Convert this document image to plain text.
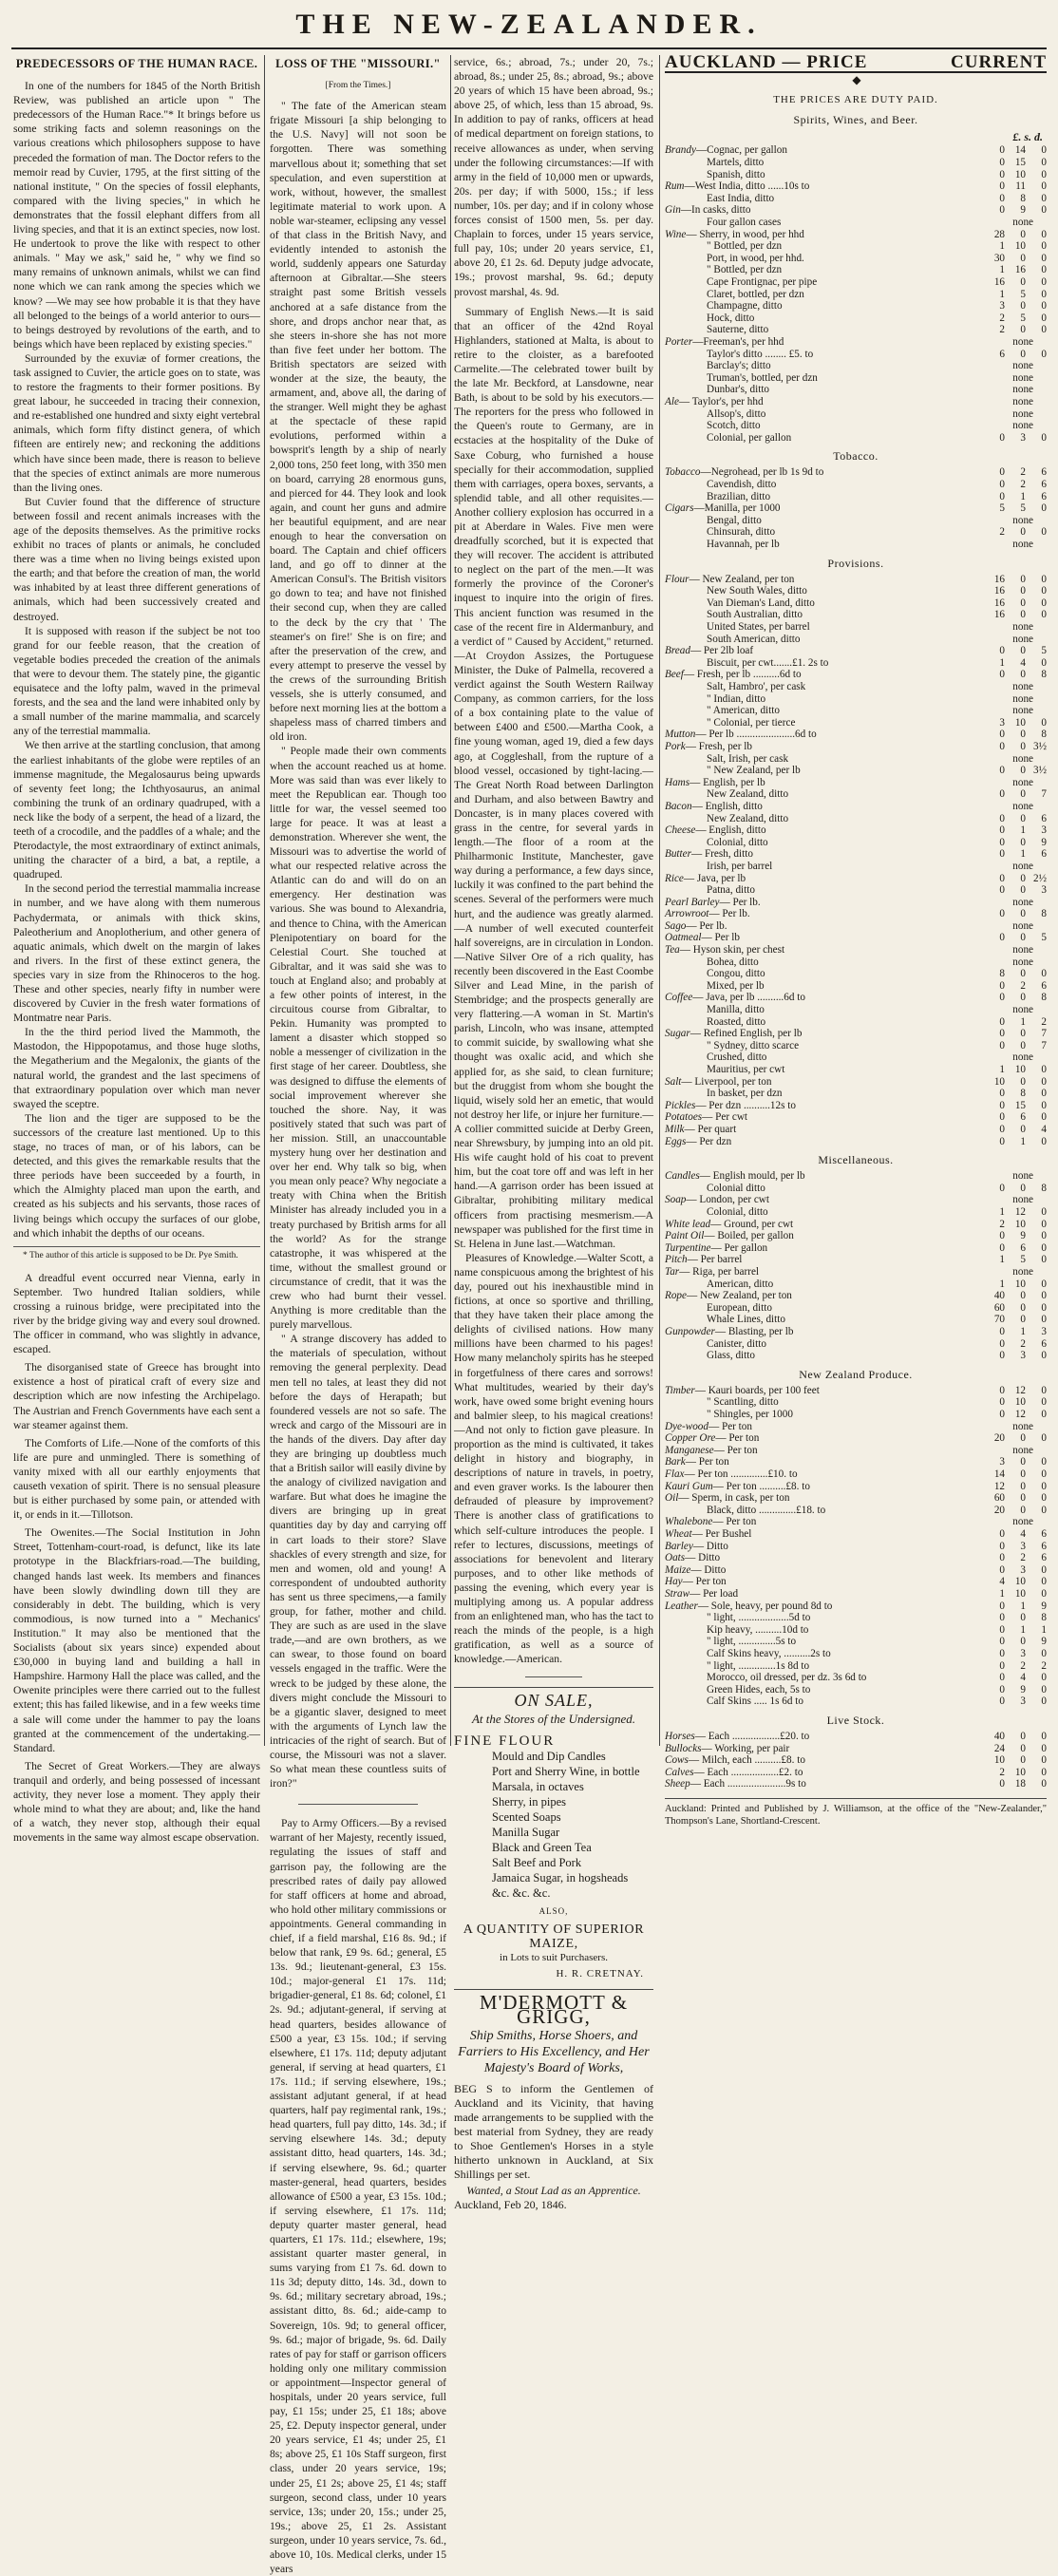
THE NEW-ZEALANDER.
PREDECESSORS OF THE HUMAN RACE.

In one of the numbers for 1845 of the North British Review, was published an article upon " The predecessors of the Human Race."* It brings before us some striking facts and solemn reasonings on the various creations which philosophers suppose to have preceded the formation of man. The Doctor refers to the memoir read by Cuvier, 1795, at the first sitting of the national institute, " On the species of fossil elephants, compared with the living species," in which he demonstrates that the fossil elephant differs from all living species, and that it is an extinct species, now lost. He undertook to prove the like with respect to other animals. " May we ask," said he, " why we find so many remains of unknown animals, whilst we can find none which we can rank among the species which we know? —We may see how probable it is that they have all belonged to the beings of a world anterior to ours—to beings destroyed by revolutions of the earth, and to beings which have been replaced by existing species."

Surrounded by the exuviæ of former creations, the task assigned to Cuvier, the article goes on to state, was to restore the fragments to their former positions. By great labour, he succeeded in tracing their connexion, and re-established one hundred and sixty eight vertebral animals, which form fifty distinct genera, of which fifteen are entirely new; and reckoning the additions which have since been made, there is reason to believe that the species of extinct animals are more numerous than the living ones.

But Cuvier found that the difference of structure between fossil and recent animals increases with the age of the deposits themselves. As the primitive rocks exhibit no traces of plants or animals, he concluded there was a time when no living beings existed upon the earth; and that before the creation of man, the world was inhabited by at least three different generations of animals, which had been successively created and destroyed.

It is supposed with reason if the subject be not too grand for our feeble reason, that the creation of vegetable bodies preceded the creation of the animals that were to devour them. The stately pine, the gigantic equisatece and the lofty palm, waved in the primeval forests, and the sea and the land were inhabited only by a small number of the marine mammalia, and scarcely any of the terrestial mammalia.

We then arrive at the startling conclusion, that among the earliest inhabitants of the globe were reptiles of an immense magnitude, the Megalosaurus being upwards of seventy feet long; the Ichthyosaurus, an animal combining the trunk of an ordinary quadruped, with a neck like the body of a serpent, the head of a lizard, the teeth of a crocodile, and the paddles of a whale; and the Pterodactyle, the most extraordinary of extinct animals, uniting the character of a bird, a bat, a reptile, a quadruped.

In the second period the terrestial mammalia increase in number, and we have along with them numerous Pachydermata, or animals with thick skins, Paleotherium and Anoplotherium, and other genera of aquatic animals, which dwelt on the margin of lakes and rivers. In the first of these extinct genera, the species vary in size from the Rhinoceros to the hog. These and other species, nearly fifty in number were discovered by Cuvier in the fresh water formations of Montmatre near Paris.

In the the third period lived the Mammoth, the Mastodon, the Hippopotamus, and those huge sloths, the Megatherium and the Megalonix, the giants of the natural world, the grandest and the last specimens of that extraordinary population over which man never swayed the sceptre.

The lion and the tiger are supposed to be the successors of the creature last mentioned. Up to this stage, no traces of man, or of his labors, can be detected, and this gives the remarkable results that the three periods have been succeeded by a fourth, in which the Almighty placed man upon the earth, and created as his subjects and his servants, those races of living beings which occupy the surfaces of our globe, and which inhabit the depths of our oceans.

* The author of this article is supposed to be Dr. Pye Smith.

A dreadful event occurred near Vienna, early in September. Two hundred Italian soldiers, while crossing a ruinous bridge, were precipitated into the river by the bridge giving way and every soul drowned. The officer in command, who was slightly in advance, escaped.

The disorganised state of Greece has brought into existence a host of piratical craft of every size and description which are now infesting the Archipelago. The Austrian and French Governments have each sent a war steamer against them.

The Comforts of Life.—None of the comforts of this life are pure and unmingled. There is something of vanity mixed with all our earthly enjoyments that causeth vexation of spirit. There is no sensual pleasure but is either purchased by some pain, or attended with it, or ends in it.—Tillotson.

The Owenites.—The Social Institution in John Street, Tottenham-court-road, is defunct, like its late prototype in the Blackfriars-road.—The building, changed hands last week. Its members and finances have been slowly dwindling down till they are considerably in debt. The building, which is very commodious, is now turned into a " Mechanics' Institution." It may also be mentioned that the Socialists (about six years since) expended about £30,000 in buying land and building a hall in Hampshire. Harmony Hall the place was called, and the Owenite principles were there carried out to the fullest extent; this has failed likewise, and in a few weeks time a sale will come under the hammer to pay the loans granted at the commencement of the undertaking.—Standard.

The Secret of Great Workers.—They are always tranquil and orderly, and being possessed of incessant activity, they never lose a moment. They apply their whole mind to what they are about; and, like the hand of a watch, they never stop, although their equal movements in the same way almost escape observation.

LOSS OF THE "MISSOURI."
[From the Times.]

" The fate of the American steam frigate Missouri [a ship belonging to the U.S. Navy] will not soon be forgotten. There was something marvellous about it; something that set speculation, and even superstition at work, without, however, the smallest legitimate material to work upon. A noble war-steamer, eclipsing any vessel of that class in the British Navy, and evidently intended to astonish the world, suddenly appears one Saturday afternoon at Gibraltar.—She steers straight past some British vessels anchored at a safe distance from the shore, and drops anchor near that, as she steers in-shore she has not more than five feet under her bottom. The British spectators are seized with wonder at the size, the beauty, the armament, and, above all, the daring of the stranger. Well might they be aghast at the spectacle of these rapid evolutions, performed within a bowsprit's length by a ship of nearly 2,000 tons, 250 feet long, with 350 men on board, carrying 28 enormous guns, and pierced for 44. They look and look again, and count her guns and admire her beautiful equipment, and are near enough to hear the conversation on board. The Captain and chief officers land, and go off to dinner at the American Consul's. The British visitors go down to tea; and have not finished their second cup, when they are called to the deck by the cry that ' The steamer's on fire!' She is on fire; and after the preservation of the crew, and every attempt to preserve the vessel by the crews of the surrounding British vessels, she is utterly consumed, and before next morning lies at the bottom a shapeless mass of charred timbers and old iron.

" People made their own comments when the account reached us at home. More was said than was ever likely to meet the Republican ear. Though too little for war, the vessel seemed too large for peace. It was at least a demonstration. Wherever she went, the Missouri was to advertise the world of what our respected relative across the Atlantic can do and will do on an emergency. Her destination was various. She was bound to Alexandria, and thence to China, with the American Plenipotentiary on board for the Celestial Court. She touched at Gibraltar, and it was said she was to touch at England also; and probably at a few other points of interest, in the circuitous course from Gibraltar, to Pekin. Humanity was prompted to lament a disaster which stopped so noble a messenger of civilization in the first stage of her career. Doubtless, she was designed to diffuse the elements of social improvement wherever she touched the shore. Nay, it was positively stated that such was part of her mission. Still, an unaccountable mystery hung over her destination and over her end. Why talk so big, when you mean only peace? Why negociate a treaty with China when the British Minister has already included you in a treaty purchased by British arms for all the world? As for the strange catastrophe, it was whispered at the time, without the smallest ground or circumstance of credit, that it was the crew who had burnt their vessel. Anything is more creditable than the purely marvellous.

" A strange discovery has added to the materials of speculation, without removing the general perplexity. Dead men tell no tales, at least they did not before the days of Herapath; but foundered vessels are not so safe. The wreck and cargo of the Missouri are in the hands of the divers. Day after day they are bringing up doubtless much that a British sailor will easily divine by the analogy of civilized navigation and warfare. But what does he imagine the divers are bringing up in great quantities day by day and carrying off in cart loads to their store? Slave shackles of every strength and size, for men and women, old and young! A correspondent of undoubted authority has sent us three specimens,—a family group, for father, mother and child. They are such as are used in the slave trade,—and are own brothers, as we can swear, to those found on board vessels engaged in the traffic. Were the wreck to be judged by these alone, the divers might conclude the Missouri to be a gigantic slaver, designed to meet with the arguments of Lynch law the intricacies of the right of search. But of course, the Missouri was not a slaver. So what mean these countless suits of iron?"

Pay to Army Officers.—By a revised warrant of her Majesty, recently issued, regulating the issues of staff and garrison pay, the following are the prescribed rates of daily pay allowed for staff officers at home and abroad, who hold other military commissions or appointments. General commanding in chief, if a field marshal, £16 8s. 9d.; if below that rank, £9 9s. 6d.; general, £5 13s. 9d.; lieutenant-general, £3 15s. 10d.; major-general £1 17s. 11d; brigadier-general, £1 8s. 6d; colonel, £1 2s. 9d.; adjutant-general, if serving at head quarters, besides allowance of £500 a year, £3 15s. 10d.; if serving elsewhere, £1 17s. 11d; deputy adjutant general, if serving at head quarters, £1 17s. 11d.; if serving elsewhere, 19s.; assistant adjutant general, if at head quarters, half pay regimental rank, 19s.; head quarters, full pay ditto, 14s. 3d.; if serving elsewhere 14s. 3d.; deputy assistant ditto, head quarters, 14s. 3d.; if serving elsewhere, 9s. 6d.; quarter master-general, head quarters, besides allowance of £500 a year, £3 15s. 10d.; if serving elsewhere, £1 17s. 11d; deputy quarter master general, head quarters, £1 17s. 11d.; elsewhere, 19s; assistant quarter master general, in sums varying from £1 7s. 6d. down to 11s 3d; deputy ditto, 14s. 3d., down to 9s. 6d.; military secretary abroad, 19s.; assistant ditto, 8s. 6d.; aide-camp to Sovereign, 10s. 9d; to general officer, 9s. 6d.; major of brigade, 9s. 6d. Daily rates of pay for staff or garrison officers holding only one military commission or appointment—Inspector general of hospitals, under 20 years service, full pay, £1 15s; under 25, £1 18s; above 25, £2. Deputy inspector general, under 20 years service, £1 4s; under 25, £1 8s; above 25, £1 10s Staff surgeon, first class, under 20 years service, 19s; under 25, £1 2s; above 25, £1 4s; staff surgeon, second class, under 10 years service, 13s; under 20, 15s.; under 25, 19s.; above 25, £1 2s. Assistant surgeon, under 10 years service, 7s. 6d., above 10, 10s. Medical clerks, under 15 years

service, 6s.; abroad, 7s.; under 20, 7s.; abroad, 8s.; under 25, 8s.; abroad, 9s.; above 20 years of which 15 have been abroad, 9s.; above 25, of which, less than 15 abroad, 9s. In addition to pay of ranks, officers at head of medical department on foreign stations, to receive allowances as under, when serving under the following circumstances:—If with army in the field of 10,000 men or upwards, 20s. per day; if with 5000, 15s.; if less number, 10s. per day; and if in colony whose forces consist of 1500 men, 5s. per day. Chaplain to forces, under 15 years service, full pay, 10s; under 20 years service, £1, above 20, £1 2s. 6d. Deputy judge advocate, 19s.; provost marshal, 9s. 6d.; deputy provost marshal, 4s. 9d.

Summary of English News.—It is said that an officer of the 42nd Royal Highlanders, stationed at Malta, is about to retire to the cloister, as a barefooted Carmelite.—The celebrated tower built by the late Mr. Beckford, at Lansdowne, near Bath, is about to be sold by his executors.—The reporters for the press who followed in the Queen's route to Germany, are in ecstacies at the hospitality of the Duke of Saxe Coburg, who furnished a house specially for their accommodation, supplied them with carriages, opera boxes, servants, a splendid table, and all other requisites.—Another colliery explosion has occurred in a pit at Aberdare in Wales. Five men were dreadfully scorched, but it is expected that they will recover. The accident is attributed to neglect on the part of the men.—It was formerly the province of the Coroner's inquest to inquire into the origin of fires. This ancient function was resumed in the case of the recent fire in Aldermanbury, and a verdict of " Caused by Accident," returned.—At Croydon Assizes, the Portuguese Minister, the Duke of Palmella, recovered a verdict against the South Western Railway Company, as common carriers, for the loss of a box containing plate to the value of between £400 and £500.—Martha Cook, a fine young woman, aged 19, died a few days ago, at Coggleshall, from the rupture of a blood vessel, occasioned by tight-lacing.—The Great North Road between Darlington and Durham, and also between Bawtry and Doncaster, is in many places covered with grass in the centre, for several yards in length.—The floor of a room at the Philharmonic Institute, Manchester, gave way during a performance, a few days since, luckily it was confined to the part behind the scenes. Several of the performers were much hurt, and the audience was greatly alarmed.—A number of well executed counterfeit half sovereigns, are in circulation in London.—Native Silver Ore of a rich quality, has recently been discovered in the East Coombe Silver and Lead Mine, in the parish of Stembridge; and the prospects generally are very flattering.—A woman in St. Martin's parish, Lincoln, who was insane, attempted to commit suicide, by swallowing what she thought was oxalic acid, and which she applied for, as she said, to clean furniture; but the druggist from whom she bought the liquid, wisely sold her an emetic, that would not destroy her life, or injure her furniture.—A collier committed suicide at Derby Green, near Shrewsbury, by jumping into an old pit. His wife caught hold of his coat to prevent him, but the coat tore off and was left in her hand.—A garrison order has been issued at Gibraltar, prohibiting military medical officers from practising mesmerism.—A newspaper was published for the first time in St. Helena in June last.—Watchman.

Pleasures of Knowledge.—Walter Scott, a name conspicuous among the brightest of his day, poured out his inexhaustible mind in fictions, at once so sportive and thrilling, that they have taken their place among the delights of civilised nations. How many millions have been charmed to his pages! How many melancholy spirits has he steeped in forgetfulness of there cares and sorrows! What multitudes, wearied by their day's work, have owed some bright evening hours and balmier sleep, to his magical creations!—And not only to fiction gave pleasure. In proportion as the mind is cultivated, it takes delight in history and biography, in descriptions of nature in travels, in poetry, and even graver works. Is the labourer then defrauded of pleasure by improvement? There is another class of gratifications to which self-culture introduces the people. I refer to lectures, discussions, meetings of associations for benevolent and literary purposes, and to other like methods of passing the evening, which every year is multiplying among us. A popular address from an enlightened man, who has the tact to reach the minds of the people, is a high gratification, as well as a source of knowledge.—American.

ON SALE,
At the Stores of the Undersigned.
FINE FLOUR
Mould and Dip Candles
Port and Sherry Wine, in bottle
Marsala, in octaves
Sherry, in pipes
Scented Soaps
Manilla Sugar
Black and Green Tea
Salt Beef and Pork
Jamaica Sugar, in hogsheads
&c. &c. &c.
ALSO,
A QUANTITY OF SUPERIOR MAIZE,
in Lots to suit Purchasers.
H. R. CRETNAY.
M'DERMOTT & GRIGG,
Ship Smiths, Horse Shoers, and Farriers to His Excellency, and Her Majesty's Board of Works,

BEG S to inform the Gentlemen of Auckland and its Vicinity, that having made arrangements to be supplied with the best material from Sydney, they are ready to Shoe Gentlemen's Horses in a style hitherto unknown in Auckland, at Six Shillings per set.

Wanted, a Stout Lad as an Apprentice.
Auckland, Feb 20, 1846.
AUCKLAND — PRICE	CURRENT
◆
THE PRICES ARE DUTY PAID.
Spirits, Wines, and Beer.
£. s. d.
Brandy—Cognac, per gallon	0	14	0
Martels, ditto	0	15	0
Spanish, ditto	0	10	0
Rum—West India, ditto ......10s to	0	11	0
East India, ditto	0	8	0
Gin—In casks, ditto	0	9	0
Four gallon cases	none		
Wine— Sherry, in wood, per hhd	28	0	0
" Bottled, per dzn	1	10	0
Port, in wood, per hhd.	30	0	0
" Bottled, per dzn	1	16	0
Cape Frontignac, per pipe	16	0	0
Claret, bottled, per dzn	1	5	0
Champagne, ditto	3	0	0
Hock, ditto	2	5	0
Sauterne, ditto	2	0	0
Porter—Freeman's, per hhd	none		
Taylor's ditto ........ £5. to	6	0	0
Barclay's; ditto	none		
Truman's, bottled, per dzn	none		
Dunbar's, ditto	none		
Ale— Taylor's, per hhd	none		
Allsop's, ditto	none		
Scotch, ditto	none		
Colonial, per gallon	0	3	0
Tobacco.
Tobacco—Negrohead, per lb 1s 9d to	0	2	6
Cavendish, ditto	0	2	6
Brazilian, ditto	0	1	6
Cigars—Manilla, per 1000	5	5	0
Bengal, ditto	none		
Chinsurah, ditto	2	0	0
Havannah, per lb	none		
Provisions.
Flour— New Zealand, per ton	16	0	0
New South Wales, ditto	16	0	0
Van Dieman's Land, ditto	16	0	0
South Australian, ditto	16	0	0
United States, per barrel	none		
South American, ditto	none		
Bread— Per 2lb loaf	0	0	5
Biscuit, per cwt.......£1. 2s to	1	4	0
Beef— Fresh, per lb ..........6d to	0	0	8
Salt, Hambro', per cask	none		
" Indian, ditto	none		
" American, ditto	none		
" Colonial, per tierce	3	10	0
Mutton— Per lb ......................6d to	0	0	8
Pork— Fresh, per lb	0	0	3½
Salt, Irish, per cask	none		
" New Zealand, per lb	0	0	3½
Hams— English, per lb	none		
New Zealand, ditto	0	0	7
Bacon— English, ditto	none		
New Zealand, ditto	0	0	6
Cheese— English, ditto	0	1	3
Colonial, ditto	0	0	9
Butter— Fresh, ditto	0	1	6
Irish, per barrel	none		
Rice— Java, per lb	0	0	2½
Patna, ditto	0	0	3
Pearl Barley— Per lb.	none		
Arrowroot— Per lb.	0	0	8
Sago— Per lb.	none		
Oatmeal— Per lb	0	0	5
Tea— Hyson skin, per chest	none		
Bohea, ditto	none		
Congou, ditto	8	0	0
Mixed, per lb	0	2	6
Coffee— Java, per lb ..........6d to	0	0	8
Manilla, ditto	none		
Roasted, ditto	0	1	2
Sugar— Refined English, per lb	0	0	7
" Sydney, ditto scarce	0	0	7
Crushed, ditto	none		
Mauritius, per cwt	1	10	0
Salt— Liverpool, per ton	10	0	0
In basket, per dzn	0	8	0
Pickles— Per dzn ..........12s to	0	15	0
Potatoes— Per cwt	0	6	0
Milk— Per quart	0	0	4
Eggs— Per dzn	0	1	0
Miscellaneous.
Candles— English mould, per lb	none		
Colonial ditto	0	0	8
Soap— London, per cwt	none		
Colonial, ditto	1	12	0
White lead— Ground, per cwt	2	10	0
Paint Oil— Boiled, per gallon	0	9	0
Turpentine— Per gallon	0	6	0
Pitch— Per barrel	1	5	0
Tar— Riga, per barrel	none		
American, ditto	1	10	0
Rope— New Zealand, per ton	40	0	0
European, ditto	60	0	0
Whale Lines, ditto	70	0	0
Gunpowder— Blasting, per lb	0	1	3
Canister, ditto	0	2	6
Glass, ditto	0	3	0
New Zealand Produce.
Timber— Kauri boards, per 100 feet	0	12	0
" Scantling, ditto	0	10	0
" Shingles, per 1000	0	12	0
Dye-wood— Per ton	none		
Copper Ore— Per ton	20	0	0
Manganese— Per ton	none		
Bark— Per ton	3	0	0
Flax— Per ton ..............£10. to	14	0	0
Kauri Gum— Per ton ..........£8. to	12	0	0
Oil— Sperm, in cask, per ton	60	0	0
Black, ditto ..............£18. to	20	0	0
Whalebone— Per ton	none		
Wheat— Per Bushel	0	4	6
Barley— Ditto	0	3	6
Oats— Ditto	0	2	6
Maize— Ditto	0	3	0
Hay— Per ton	4	10	0
Straw— Per load	1	10	0
Leather— Sole, heavy, per pound 8d to	0	1	9
" light, ...................5d to	0	0	8
Kip heavy, ..........10d to	0	1	1
" light, ..............5s to	0	0	9
Calf Skins heavy, ..........2s to	0	3	0
" light, ..............1s 8d to	0	2	2
Morocco, oil dressed, per dz. 3s 6d to	0	4	0
Green Hides, each, 5s to	0	9	0
Calf Skins ..... 1s 6d to	0	3	0
Live Stock.
Horses— Each ..................£20. to	40	0	0
Bullocks— Working, per pair	24	0	0
Cows— Milch, each ..........£8. to	10	0	0
Calves— Each ..................£2. to	2	10	0
Sheep— Each ......................9s to	0	18	0
Auckland: Printed and Published by J. Williamson, at the office of the "New-Zealander," Thompson's Lane, Shortland-Crescent.
